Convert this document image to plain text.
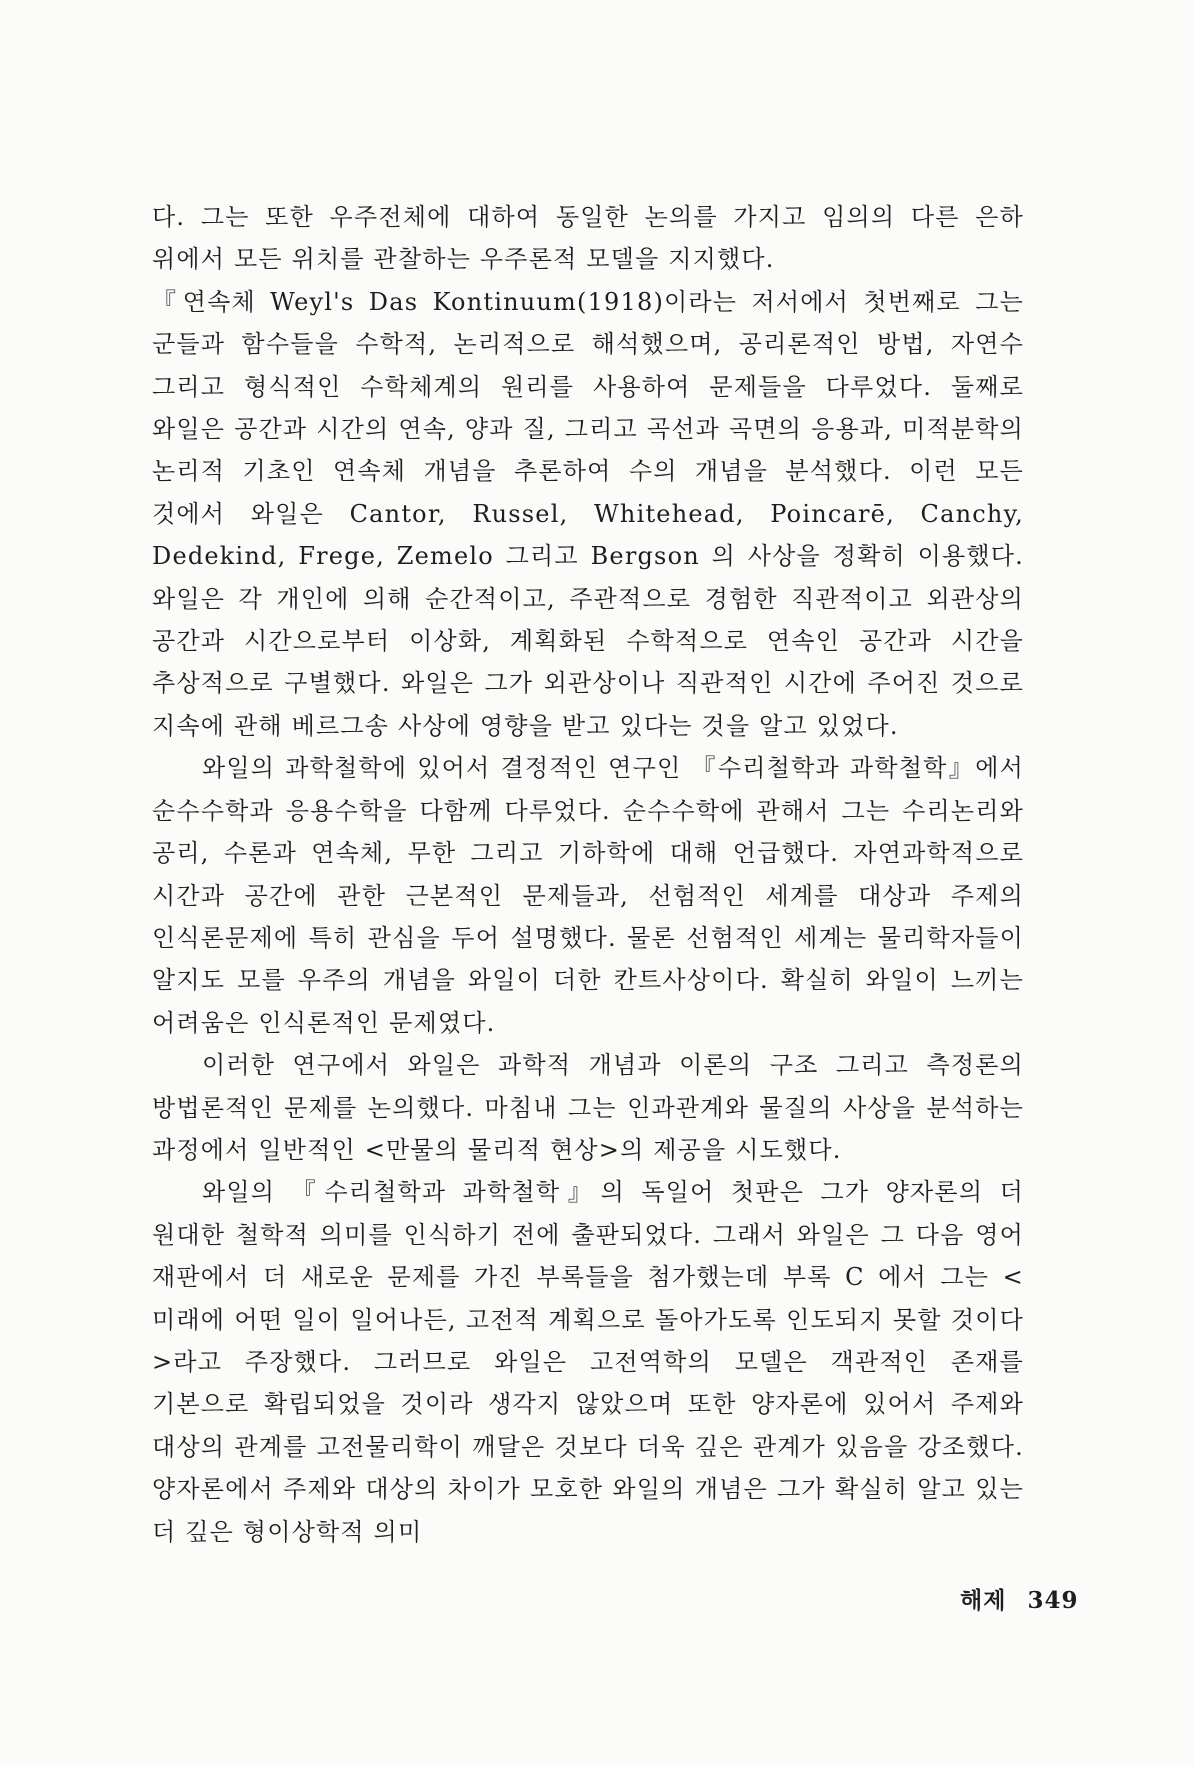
다. 그는 또한 우주전체에 대하여 동일한 논의를 가지고 임의의 다른 은하 위에서 모든 위치를 관찰하는 우주론적 모델을 지지했다.

『연속체 Weyl's Das Kontinuum(1918)이라는 저서에서 첫번째로 그는 군들과 함수들을 수학적, 논리적으로 해석했으며, 공리론적인 방법, 자연수 그리고 형식적인 수학체계의 원리를 사용하여 문제들을 다루었다. 둘째로 와일은 공간과 시간의 연속, 양과 질, 그리고 곡선과 곡면의 응용과, 미적분학의 논리적 기초인 연속체 개념을 추론하여 수의 개념을 분석했다. 이런 모든 것에서 와일은 Cantor, Russel, Whitehead, Poincarē, Canchy, Dedekind, Frege, Zemelo 그리고 Bergson 의 사상을 정확히 이용했다. 와일은 각 개인에 의해 순간적이고, 주관적으로 경험한 직관적이고 외관상의 공간과 시간으로부터 이상화, 계획화된 수학적으로 연속인 공간과 시간을 추상적으로 구별했다. 와일은 그가 외관상이나 직관적인 시간에 주어진 것으로 지속에 관해 베르그송 사상에 영향을 받고 있다는 것을 알고 있었다.

와일의 과학철학에 있어서 결정적인 연구인 『수리철학과 과학철학』에서 순수수학과 응용수학을 다함께 다루었다. 순수수학에 관해서 그는 수리논리와 공리, 수론과 연속체, 무한 그리고 기하학에 대해 언급했다. 자연과학적으로 시간과 공간에 관한 근본적인 문제들과, 선험적인 세계를 대상과 주제의 인식론문제에 특히 관심을 두어 설명했다. 물론 선험적인 세계는 물리학자들이 알지도 모를 우주의 개념을 와일이 더한 칸트사상이다. 확실히 와일이 느끼는 어려움은 인식론적인 문제였다.

이러한 연구에서 와일은 과학적 개념과 이론의 구조 그리고 측정론의 방법론적인 문제를 논의했다. 마침내 그는 인과관계와 물질의 사상을 분석하는 과정에서 일반적인 <만물의 물리적 현상>의 제공을 시도했다.

와일의 『수리철학과 과학철학』의 독일어 첫판은 그가 양자론의 더 원대한 철학적 의미를 인식하기 전에 출판되었다. 그래서 와일은 그 다음 영어 재판에서 더 새로운 문제를 가진 부록들을 첨가했는데 부록 C 에서 그는 <미래에 어떤 일이 일어나든, 고전적 계획으로 돌아가도록 인도되지 못할 것이다>라고 주장했다. 그러므로 와일은 고전역학의 모델은 객관적인 존재를 기본으로 확립되었을 것이라 생각지 않았으며 또한 양자론에 있어서 주제와 대상의 관계를 고전물리학이 깨달은 것보다 더욱 깊은 관계가 있음을 강조했다. 양자론에서 주제와 대상의 차이가 모호한 와일의 개념은 그가 확실히 알고 있는 더 깊은 형이상학적 의미

해제 349
